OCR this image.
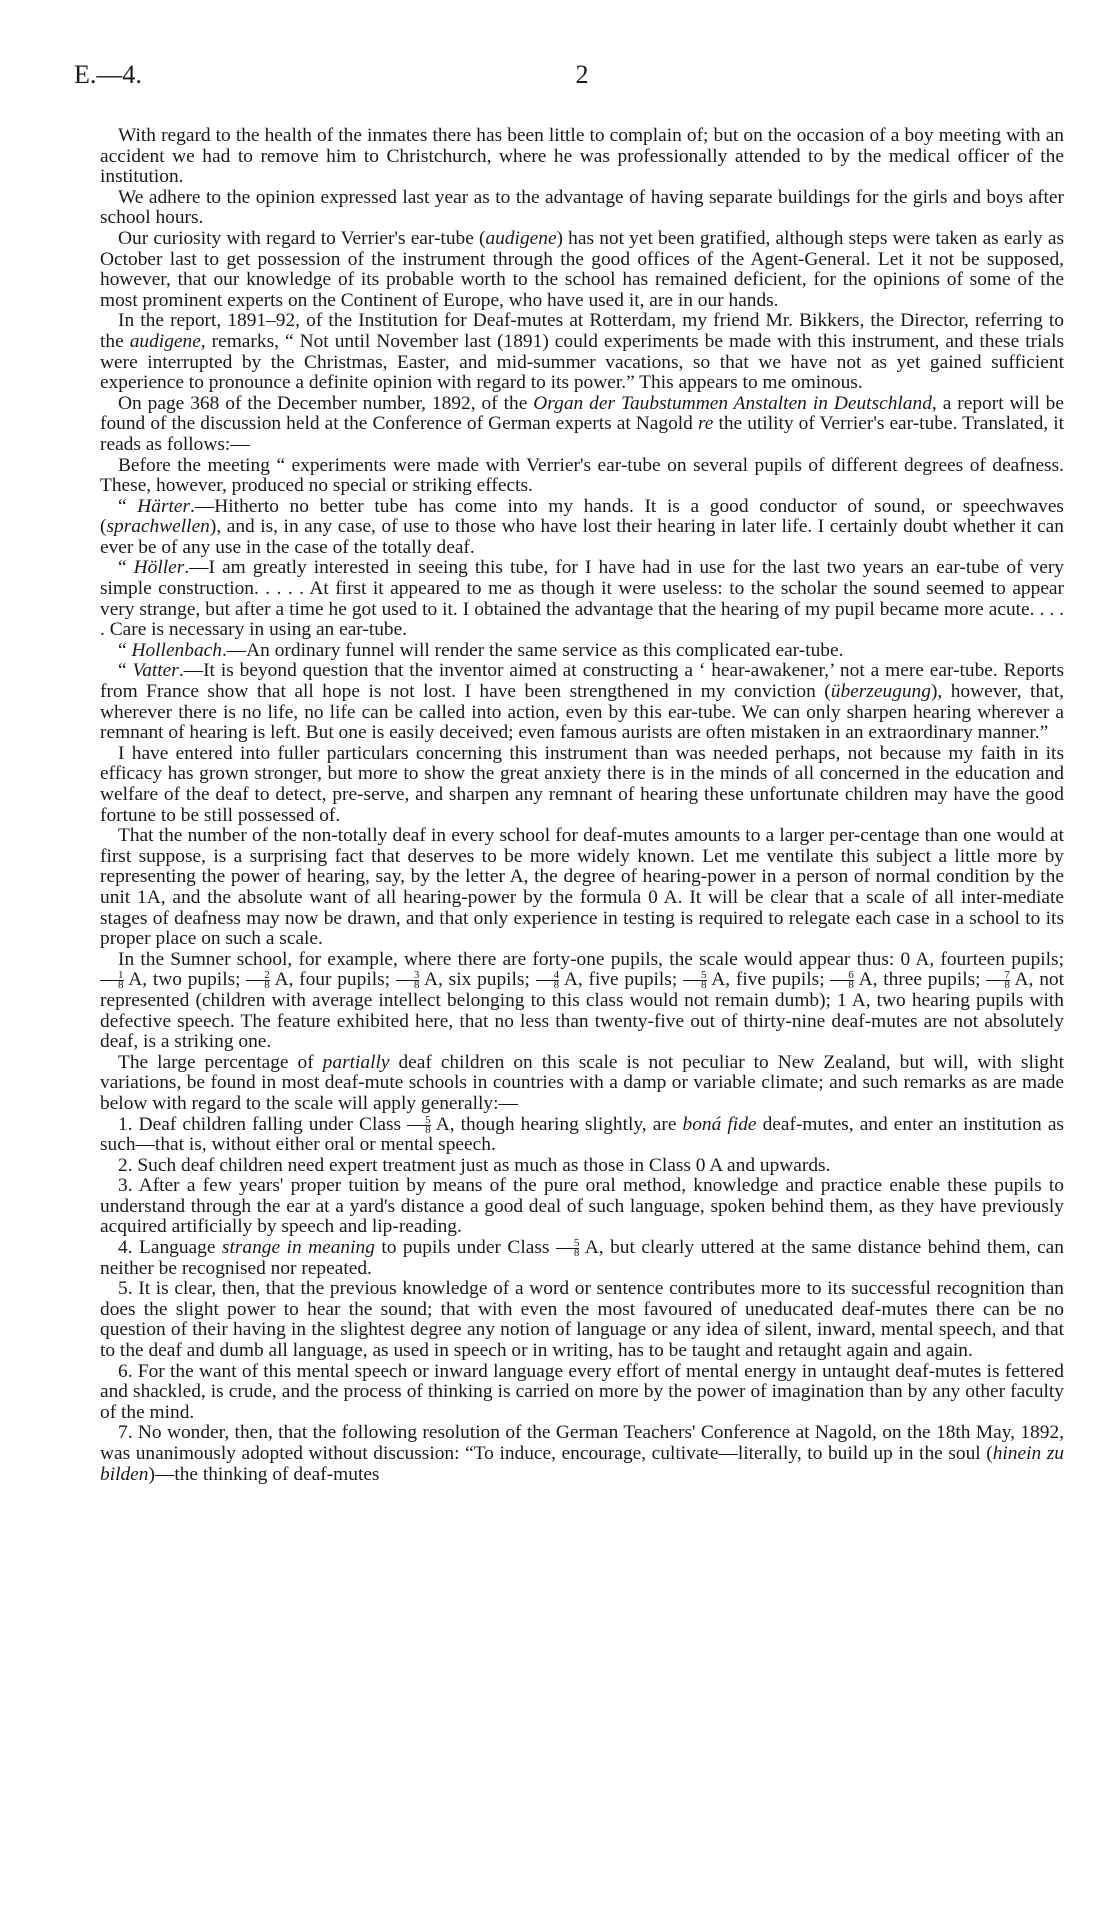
E.—4.	2

With regard to the health of the inmates there has been little to complain of; but on the occasion of a boy meeting with an accident we had to remove him to Christchurch, where he was professionally attended to by the medical officer of the institution.

We adhere to the opinion expressed last year as to the advantage of having separate buildings for the girls and boys after school hours.

Our curiosity with regard to Verrier's ear-tube (audigene) has not yet been gratified, although steps were taken as early as October last to get possession of the instrument through the good offices of the Agent-General. Let it not be supposed, however, that our knowledge of its probable worth to the school has remained deficient, for the opinions of some of the most prominent experts on the Continent of Europe, who have used it, are in our hands.

In the report, 1891–92, of the Institution for Deaf-mutes at Rotterdam, my friend Mr. Bikkers, the Director, referring to the audigene, remarks, “ Not until November last (1891) could experiments be made with this instrument, and these trials were interrupted by the Christmas, Easter, and mid-summer vacations, so that we have not as yet gained sufficient experience to pronounce a definite opinion with regard to its power.” This appears to me ominous.

On page 368 of the December number, 1892, of the Organ der Taubstummen Anstalten in Deutschland, a report will be found of the discussion held at the Conference of German experts at Nagold re the utility of Verrier's ear-tube. Translated, it reads as follows:—

Before the meeting “ experiments were made with Verrier's ear-tube on several pupils of different degrees of deafness. These, however, produced no special or striking effects.

“ Härter.—Hitherto no better tube has come into my hands. It is a good conductor of sound, or speechwaves (sprachwellen), and is, in any case, of use to those who have lost their hearing in later life. I certainly doubt whether it can ever be of any use in the case of the totally deaf.

“ Höller.—I am greatly interested in seeing this tube, for I have had in use for the last two years an ear-tube of very simple construction. . . . . At first it appeared to me as though it were useless: to the scholar the sound seemed to appear very strange, but after a time he got used to it. I obtained the advantage that the hearing of my pupil became more acute. . . . . Care is necessary in using an ear-tube.

“ Hollenbach.—An ordinary funnel will render the same service as this complicated ear-tube.

“ Vatter.—It is beyond question that the inventor aimed at constructing a ‘ hear-awakener,’ not a mere ear-tube. Reports from France show that all hope is not lost. I have been strengthened in my conviction (überzeugung), however, that, wherever there is no life, no life can be called into action, even by this ear-tube. We can only sharpen hearing wherever a remnant of hearing is left. But one is easily deceived; even famous aurists are often mistaken in an extraordinary manner.”

I have entered into fuller particulars concerning this instrument than was needed perhaps, not because my faith in its efficacy has grown stronger, but more to show the great anxiety there is in the minds of all concerned in the education and welfare of the deaf to detect, pre-serve, and sharpen any remnant of hearing these unfortunate children may have the good fortune to be still possessed of.

That the number of the non-totally deaf in every school for deaf-mutes amounts to a larger per-centage than one would at first suppose, is a surprising fact that deserves to be more widely known. Let me ventilate this subject a little more by representing the power of hearing, say, by the letter A, the degree of hearing-power in a person of normal condition by the unit 1A, and the absolute want of all hearing-power by the formula 0 A. It will be clear that a scale of all inter-mediate stages of deafness may now be drawn, and that only experience in testing is required to relegate each case in a school to its proper place on such a scale.

In the Sumner school, for example, where there are forty-one pupils, the scale would appear thus: 0 A, fourteen pupils;
$\frac{1}{8} A$, two pupils; $\frac{2}{8} A$, four pupils; $\frac{3}{8} A$, six pupils; $\frac{4}{8} A$, five pupils; $\frac{5}{8} A$, five pupils; $\frac{6}{8} A$, three pupils; $\frac{7}{8} A$, not represented (children with average intellect belonging to this class would not remain dumb); 1 A, two hearing pupils with defective speech. The feature exhibited here, that no less than twenty-five out of thirty-nine deaf-mutes are not absolutely deaf, is a striking one.

The large percentage of partially deaf children on this scale is not peculiar to New Zealand, but will, with slight variations, be found in most deaf-mute schools in countries with a damp or variable climate; and such remarks as are made below with regard to the scale will apply generally:—

1. Deaf children falling under Class $\frac{5}{8} A$, though hearing slightly, are boná fide deaf-mutes, and enter an institution as such—that is, without either oral or mental speech.

2. Such deaf children need expert treatment just as much as those in Class 0 A and upwards.

3. After a few years' proper tuition by means of the pure oral method, knowledge and practice enable these pupils to understand through the ear at a yard's distance a good deal of such language, spoken behind them, as they have previously acquired artificially by speech and lip-reading.

4. Language strange in meaning to pupils under Class $\frac{5}{8} A$, but clearly uttered at the same distance behind them, can neither be recognised nor repeated.

5. It is clear, then, that the previous knowledge of a word or sentence contributes more to its successful recognition than does the slight power to hear the sound; that with even the most favoured of uneducated deaf-mutes there can be no question of their having in the slightest degree any notion of language or any idea of silent, inward, mental speech, and that to the deaf and dumb all language, as used in speech or in writing, has to be taught and retaught again and again.

6. For the want of this mental speech or inward language every effort of mental energy in untaught deaf-mutes is fettered and shackled, is crude, and the process of thinking is carried on more by the power of imagination than by any other faculty of the mind.

7. No wonder, then, that the following resolution of the German Teachers' Conference at Nagold, on the 18th May, 1892, was unanimously adopted without discussion: “To induce, encourage, cultivate—literally, to build up in the soul (hinein zu bilden)—the thinking of deaf-mutes
